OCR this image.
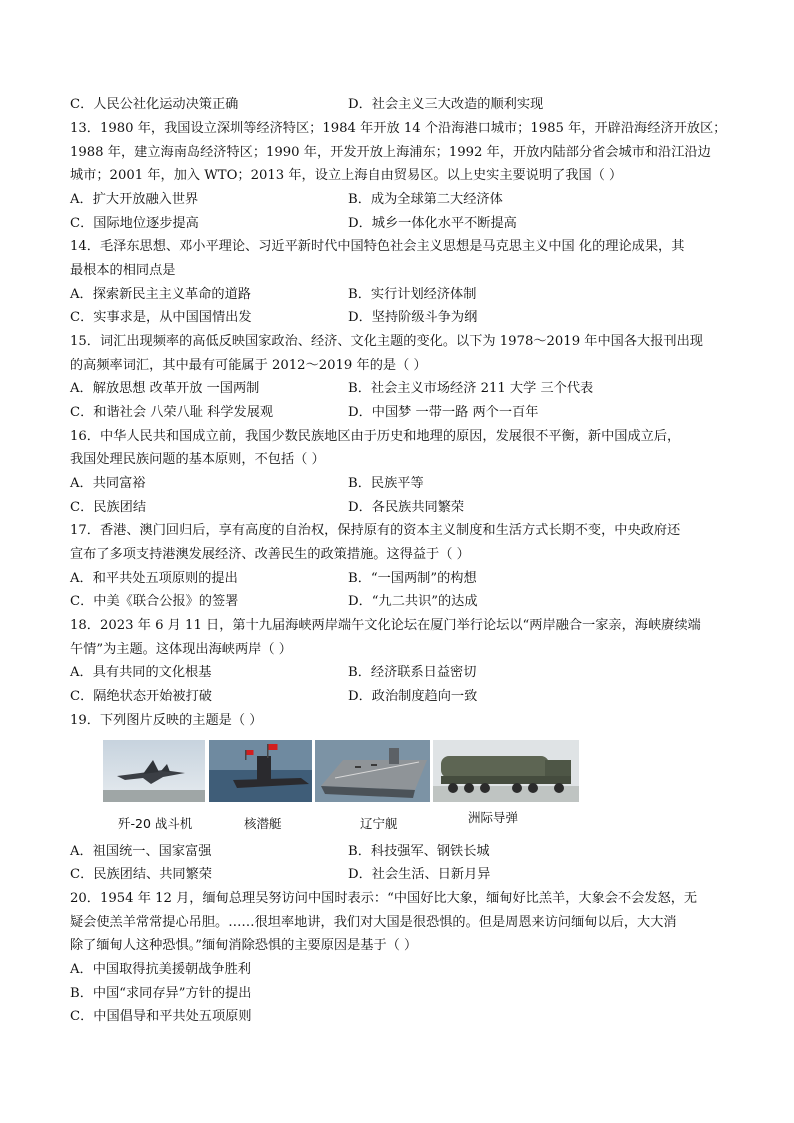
C．人民公社化运动决策正确	D．社会主义三大改造的顺利实现
13．1980 年，我国设立深圳等经济特区；1984 年开放 14 个沿海港口城市；1985 年，开辟沿海经济开放区；
1988 年，建立海南岛经济特区；1990 年，开发开放上海浦东；1992 年，开放内陆部分省会城市和沿江沿边
城市；2001 年，加入 WTO；2013 年，设立上海自由贸易区。以上史实主要说明了我国（ ）
A．扩大开放融入世界	B．成为全球第二大经济体
C．国际地位逐步提高	D．城乡一体化水平不断提高
14．毛泽东思想、邓小平理论、习近平新时代中国特色社会主义思想是马克思主义中国 化的理论成果，其
最根本的相同点是
A．探索新民主主义革命的道路	B．实行计划经济体制
C．实事求是，从中国国情出发	D．坚持阶级斗争为纲
15．词汇出现频率的高低反映国家政治、经济、文化主题的变化。以下为 1978～2019 年中国各大报刊出现
的高频率词汇，其中最有可能属于 2012～2019 年的是（ ）
A．解放思想 改革开放 一国两制	B．社会主义市场经济 211 大学 三个代表
C．和谐社会 八荣八耻 科学发展观	D．中国梦 一带一路 两个一百年
16．中华人民共和国成立前，我国少数民族地区由于历史和地理的原因，发展很不平衡，新中国成立后，
我国处理民族问题的基本原则，不包括（ ）
A．共同富裕	B．民族平等
C．民族团结	D．各民族共同繁荣
17．香港、澳门回归后，享有高度的自治权，保持原有的资本主义制度和生活方式长期不变，中央政府还
宣布了多项支持港澳发展经济、改善民生的政策措施。这得益于（ ）
A．和平共处五项原则的提出	B．“一国两制”的构想
C．中美《联合公报》的签署	D．“九二共识”的达成
18．2023 年 6 月 11 日，第十九届海峡两岸端午文化论坛在厦门举行论坛以“两岸融合一家亲，海峡赓续端
午情”为主题。这体现出海峡两岸（ ）
A．具有共同的文化根基	B．经济联系日益密切
C．隔绝状态开始被打破	D．政治制度趋向一致
19．下列图片反映的主题是（ ）
歼-20 战斗机	核潜艇	辽宁舰	洲际导弹
A．祖国统一、国家富强	B．科技强军、钢铁长城
C．民族团结、共同繁荣	D．社会生活、日新月异
20．1954 年 12 月，缅甸总理吴努访问中国时表示：“中国好比大象，缅甸好比羔羊，大象会不会发怒，无
疑会使羔羊常常提心吊胆。……很坦率地讲，我们对大国是很恐惧的。但是周恩来访问缅甸以后，大大消
除了缅甸人这种恐惧。”缅甸消除恐惧的主要原因是基于（ ）
A．中国取得抗美援朝战争胜利
B．中国“求同存异”方针的提出
C．中国倡导和平共处五项原则
